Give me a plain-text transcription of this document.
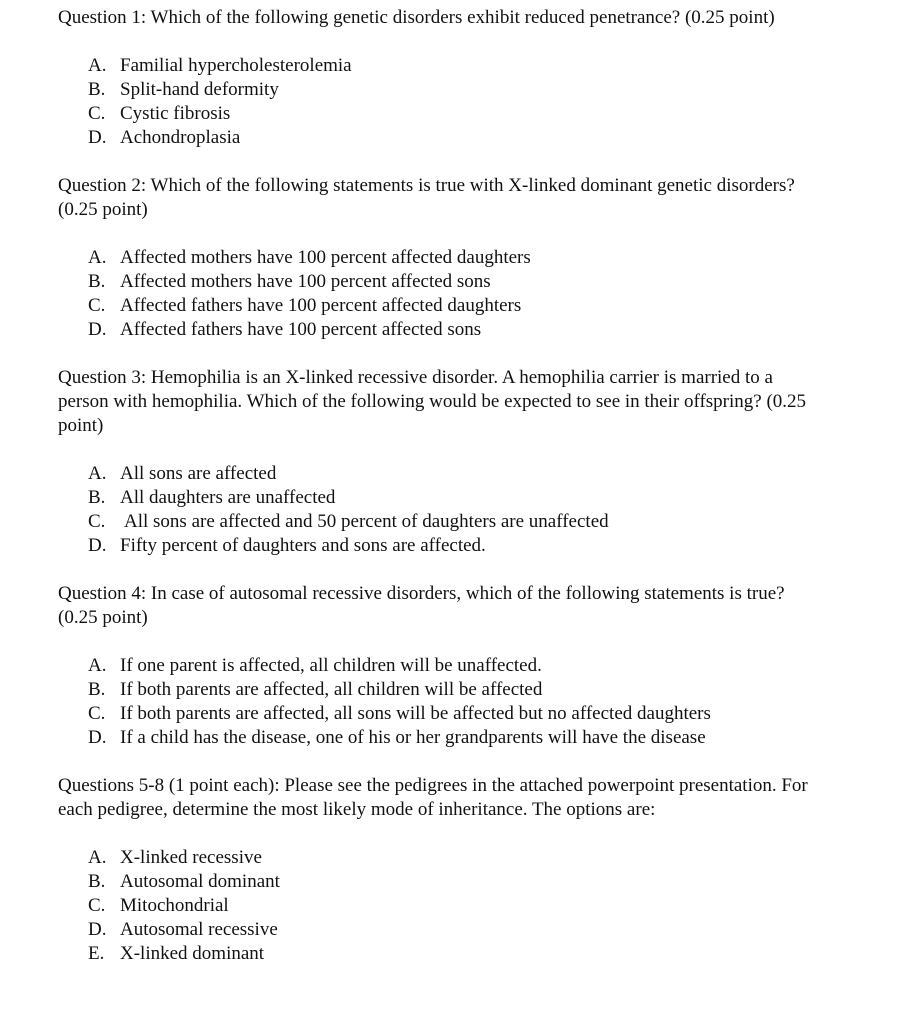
Question 1: Which of the following genetic disorders exhibit reduced penetrance? (0.25 point)

A. Familial hypercholesterolemia
B. Split-hand deformity
C. Cystic fibrosis
D. Achondroplasia

Question 2: Which of the following statements is true with X-linked dominant genetic disorders? (0.25 point)

A. Affected mothers have 100 percent affected daughters
B. Affected mothers have 100 percent affected sons
C. Affected fathers have 100 percent affected daughters
D. Affected fathers have 100 percent affected sons

Question 3: Hemophilia is an X-linked recessive disorder. A hemophilia carrier is married to a person with hemophilia. Which of the following would be expected to see in their offspring? (0.25 point)

A. All sons are affected
B. All daughters are unaffected
C. All sons are affected and 50 percent of daughters are unaffected
D. Fifty percent of daughters and sons are affected.

Question 4: In case of autosomal recessive disorders, which of the following statements is true? (0.25 point)

A. If one parent is affected, all children will be unaffected.
B. If both parents are affected, all children will be affected
C. If both parents are affected, all sons will be affected but no affected daughters
D. If a child has the disease, one of his or her grandparents will have the disease

Questions 5-8 (1 point each): Please see the pedigrees in the attached powerpoint presentation. For each pedigree, determine the most likely mode of inheritance. The options are:

A. X-linked recessive
B. Autosomal dominant
C. Mitochondrial
D. Autosomal recessive
E. X-linked dominant
